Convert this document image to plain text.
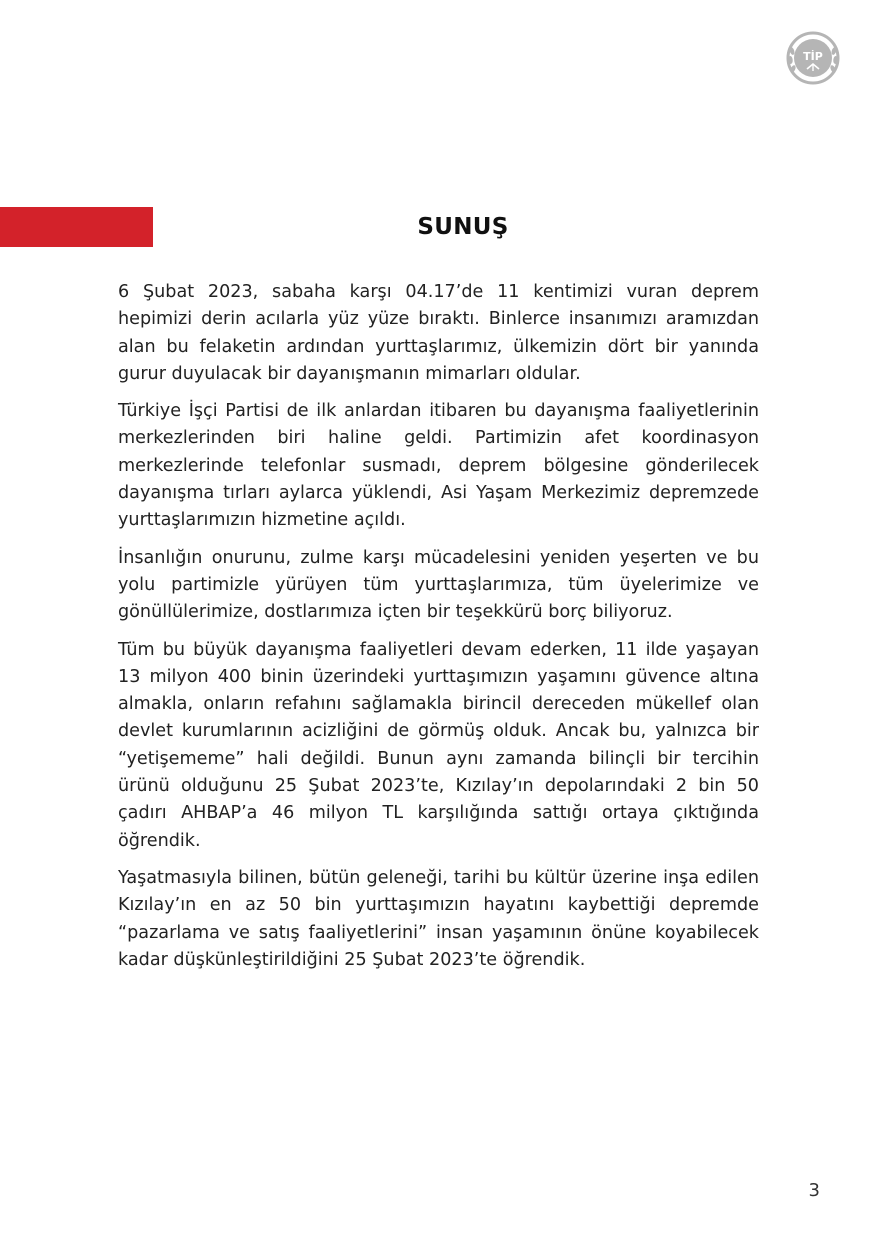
TİP
SUNUŞ

6 Şubat 2023, sabaha karşı 04.17’de 11 kentimizi vuran deprem hepimizi derin acılarla yüz yüze bıraktı. Binlerce insanımızı aramızdan alan bu felaketin ardından yurttaşlarımız, ülkemizin dört bir yanında gurur duyulacak bir dayanışmanın mimarları oldular.

Türkiye İşçi Partisi de ilk anlardan itibaren bu dayanışma faaliyetlerinin merkezlerinden biri haline geldi. Partimizin afet koordinasyon merkezlerinde telefonlar susmadı, deprem bölgesine gönderilecek dayanışma tırları aylarca yüklendi, Asi Yaşam Merkezimiz depremzede yurttaşlarımızın hizmetine açıldı.

İnsanlığın onurunu, zulme karşı mücadelesini yeniden yeşerten ve bu yolu partimizle yürüyen tüm yurttaşlarımıza, tüm üyelerimize ve gönüllülerimize, dostlarımıza içten bir teşekkürü borç biliyoruz.

Tüm bu büyük dayanışma faaliyetleri devam ederken, 11 ilde yaşayan 13 milyon 400 binin üzerindeki yurttaşımızın yaşamını güvence altına almakla, onların refahını sağlamakla birincil dereceden mükellef olan devlet kurumlarının acizliğini de görmüş olduk. Ancak bu, yalnızca bir “yetişememe” hali değildi. Bunun aynı zamanda bilinçli bir tercihin ürünü olduğunu 25 Şubat 2023’te, Kızılay’ın depolarındaki 2 bin 50 çadırı AHBAP’a 46 milyon TL karşılığında sattığı ortaya çıktığında öğrendik.

Yaşatmasıyla bilinen, bütün geleneği, tarihi bu kültür üzerine inşa edilen Kızılay’ın en az 50 bin yurttaşımızın hayatını kaybettiği depremde “pazarlama ve satış faaliyetlerini” insan yaşamının önüne koyabilecek kadar düşkünleştirildiğini 25 Şubat 2023’te öğrendik.

3
